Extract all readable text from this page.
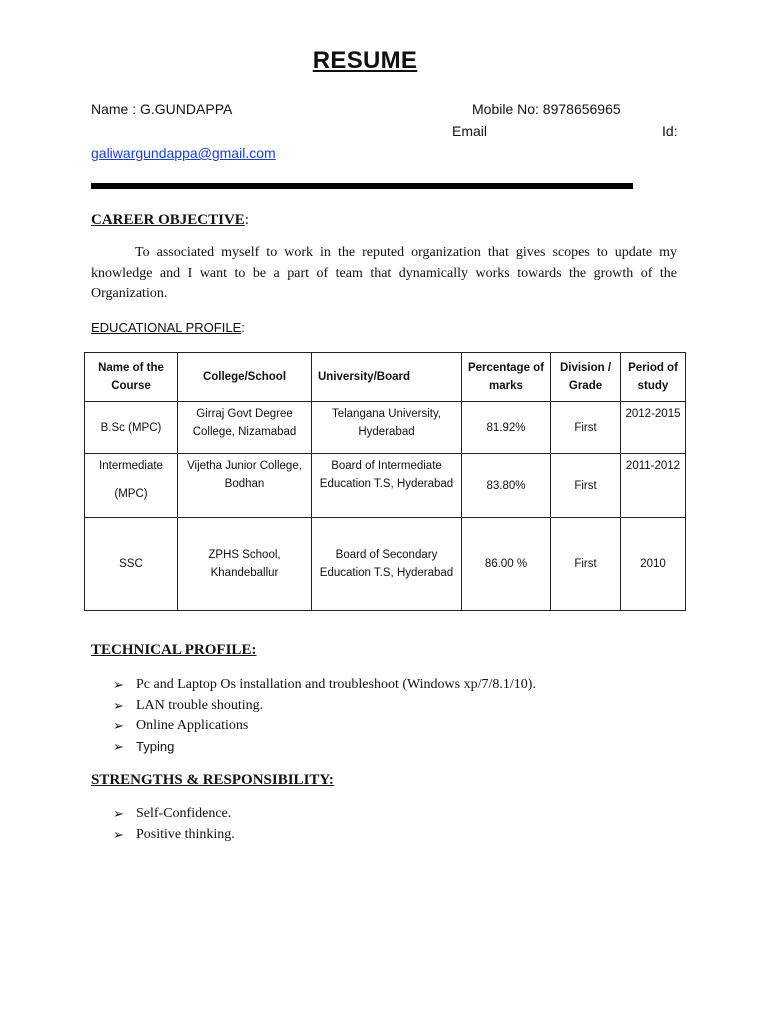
RESUME
Name : G.GUNDAPPA	Mobile No: 8978656965
Email	Id:
galiwargundappa@gmail.com
CAREER OBJECTIVE:
To associated myself to work in the reputed organization that gives scopes to update my knowledge and I want to be a part of team that dynamically works towards the growth of the Organization.
EDUCATIONAL PROFILE:
Name of the Course	College/School	University/Board	Percentage of marks	Division / Grade	Period of study
B.Sc (MPC)	Girraj Govt Degree College, Nizamabad	Telangana University, Hyderabad	81.92%	First	2012-2015

Intermediate
(MPC)	Vijetha Junior College, Bodhan	Board of Intermediate Education T.S, Hyderabad	83.80%	First	2011-2012
SSC	ZPHS School, Khandeballur	Board of Secondary Education T.S, Hyderabad	86.00 %	First	2010
TECHNICAL PROFILE:
➢ Pc and Laptop Os installation and troubleshoot (Windows xp/7/8.1/10).
➢ LAN trouble shouting.
➢ Online Applications
➢ Typing
STRENGTHS & RESPONSIBILITY:
➢ Self-Confidence.
➢ Positive thinking.
